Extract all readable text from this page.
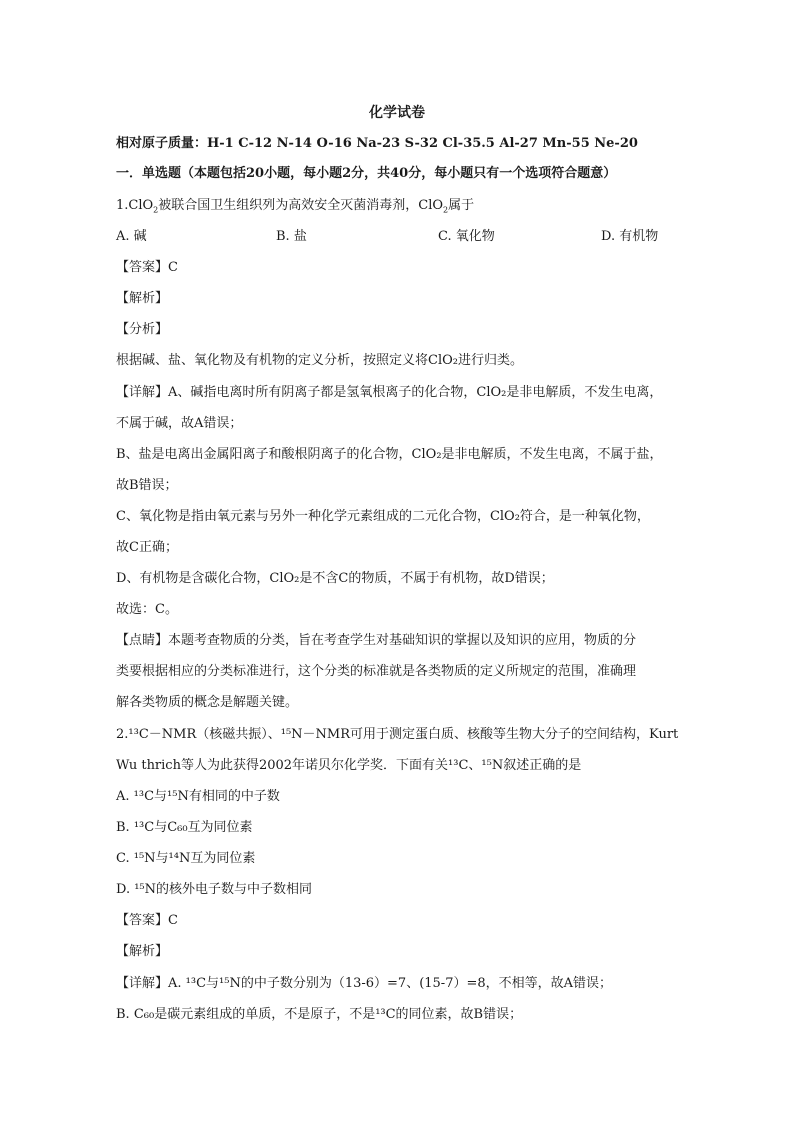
化学试卷
相对原子质量：H-1 C-12 N-14 O-16 Na-23 S-32 Cl-35.5 Al-27 Mn-55 Ne-20
一．单选题（本题包括20小题，每小题2分，共40分，每小题只有一个选项符合题意）
1.ClO$_2$被联合国卫生组织列为高效安全灭菌消毒剂，ClO$_2$属于
A. 碱	B. 盐	C. 氧化物	D. 有机物
【答案】C
【解析】
【分析】
根据碱、盐、氧化物及有机物的定义分析，按照定义将ClO₂进行归类。
【详解】A、碱指电离时所有阴离子都是氢氧根离子的化合物，ClO₂是非电解质，不发生电离，
不属于碱，故A错误；
B、盐是电离出金属阳离子和酸根阴离子的化合物，ClO₂是非电解质，不发生电离，不属于盐，
故B错误；
C、氧化物是指由氧元素与另外一种化学元素组成的二元化合物，ClO₂符合，是一种氧化物，
故C正确；
D、有机物是含碳化合物，ClO₂是不含C的物质，不属于有机物，故D错误；
故选：C。
【点睛】本题考查物质的分类，旨在考查学生对基础知识的掌握以及知识的应用，物质的分
类要根据相应的分类标准进行，这个分类的标准就是各类物质的定义所规定的范围，准确理
解各类物质的概念是解题关键。
2.¹³C－NMR（核磁共振）、¹⁵N－NMR可用于测定蛋白质、核酸等生物大分子的空间结构，Kurt
Wu thrich等人为此获得2002年诺贝尔化学奖．下面有关¹³C、¹⁵N叙述正确的是
A. ¹³C与¹⁵N有相同的中子数
B. ¹³C与C₆₀互为同位素
C. ¹⁵N与¹⁴N互为同位素
D. ¹⁵N的核外电子数与中子数相同
【答案】C
【解析】
【详解】A. ¹³C与¹⁵N的中子数分别为（13-6）=7、(15-7）=8，不相等，故A错误；
B. C₆₀是碳元素组成的单质，不是原子，不是¹³C的同位素，故B错误；
